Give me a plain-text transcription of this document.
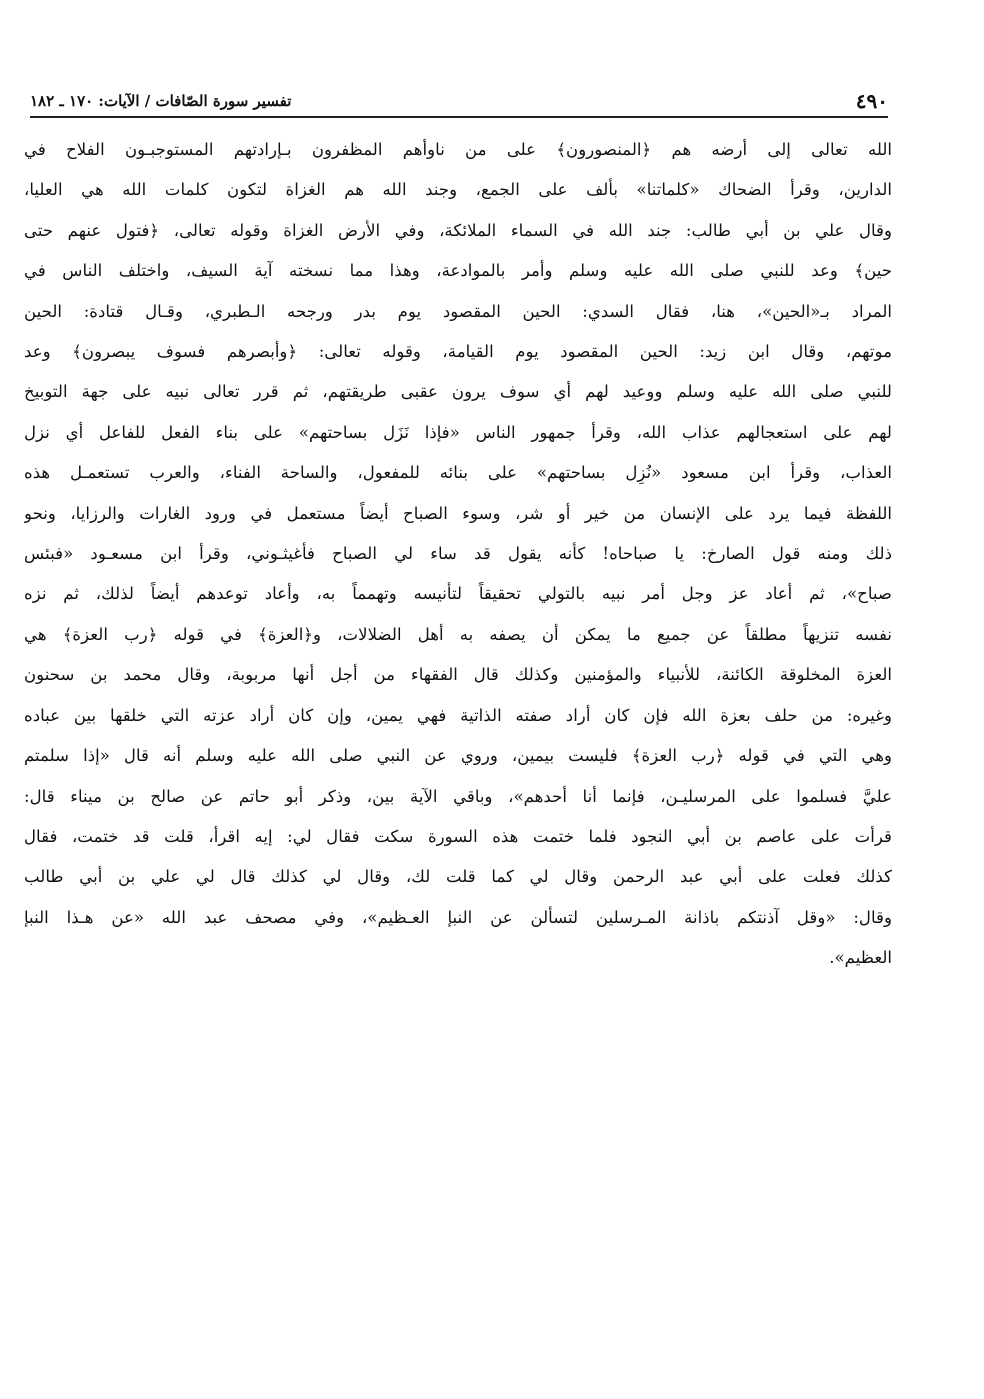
٤٩٠
تفسير سورة الصّافات / الآيات: ١٧٠ ـ ١٨٢
الله تعالى إلى أرضه هم ﴿المنصورون﴾ على من ناوأهم المظفرون بـإرادتهم المستوجبـون الفلاح في
الدارين، وقرأ الضحاك «كلماتنا» بألف على الجمع، وجند الله هم الغزاة لتكون كلمات الله هي العليا،
وقال علي بن أبي طالب: جند الله في السماء الملائكة، وفي الأرض الغزاة وقوله تعالى، ﴿فتول عنهم حتى
حين﴾ وعد للنبي صلى الله عليه وسلم وأمر بالموادعة، وهذا مما نسخته آية السيف، واختلف الناس في
المراد بـ«الحين»، هنا، فقال السدي: الحين المقصود يوم بدر ورجحه الـطبري، وقـال قتادة: الحين
موتهم، وقال ابن زيد: الحين المقصود يوم القيامة، وقوله تعالى: ﴿وأبصرهم فسوف يبصرون﴾ وعد
للنبي صلى الله عليه وسلم ووعيد لهم أي سوف يرون عقبى طريقتهم، ثم قرر تعالى نبيه على جهة التوبيخ
لهم على استعجالهم عذاب الله، وقرأ جمهور الناس «فإذا نَزَل بساحتهم» على بناء الفعل للفاعل أي نزل
العذاب، وقرأ ابن مسعود «نُزِل بساحتهم» على بنائه للمفعول، والساحة الفناء، والعرب تستعمـل هذه
اللفظة فيما يرد على الإنسان من خير أو شر، وسوء الصباح أيضاً مستعمل في ورود الغارات والرزايا، ونحو
ذلك ومنه قول الصارخ: يا صباحاه! كأنه يقول قد ساء لي الصباح فأغيثـوني، وقرأ ابن مسعـود «فبئس
صباح»، ثم أعاد عز وجل أمر نبيه بالتولي تحقيقاً لتأنيسه وتهمماً به، وأعاد توعدهم أيضاً لذلك، ثم نزه
نفسه تنزيهاً مطلقاً عن جميع ما يمكن أن يصفه به أهل الضلالات، و﴿العزة﴾ في قوله ﴿رب العزة﴾ هي
العزة المخلوقة الكائنة، للأنبياء والمؤمنين وكذلك قال الفقهاء من أجل أنها مربوبة، وقال محمد بن سحنون
وغيره: من حلف بعزة الله فإن كان أراد صفته الذاتية فهي يمين، وإن كان أراد عزته التي خلقها بين عباده
وهي التي في قوله ﴿رب العزة﴾ فليست بيمين، وروي عن النبي صلى الله عليه وسلم أنه قال «إذا سلمتم
عليَّ فسلموا على المرسليـن، فإنما أنا أحدهم»، وباقي الآية بين، وذكر أبو حاتم عن صالح بن ميناء قال:
قرأت على عاصم بن أبي النجود فلما ختمت هذه السورة سكت فقال لي: إيه اقرأ، قلت قد ختمت، فقال
كذلك فعلت على أبي عبد الرحمن وقال لي كما قلت لك، وقال لي كذلك قال لي علي بن أبي طالب
وقال: «وقل آذنتكم باذانة المـرسلين لتسألن عن النبإ العـظيم»، وفي مصحف عبد الله «عن هـذا النبإ
العظيم».
